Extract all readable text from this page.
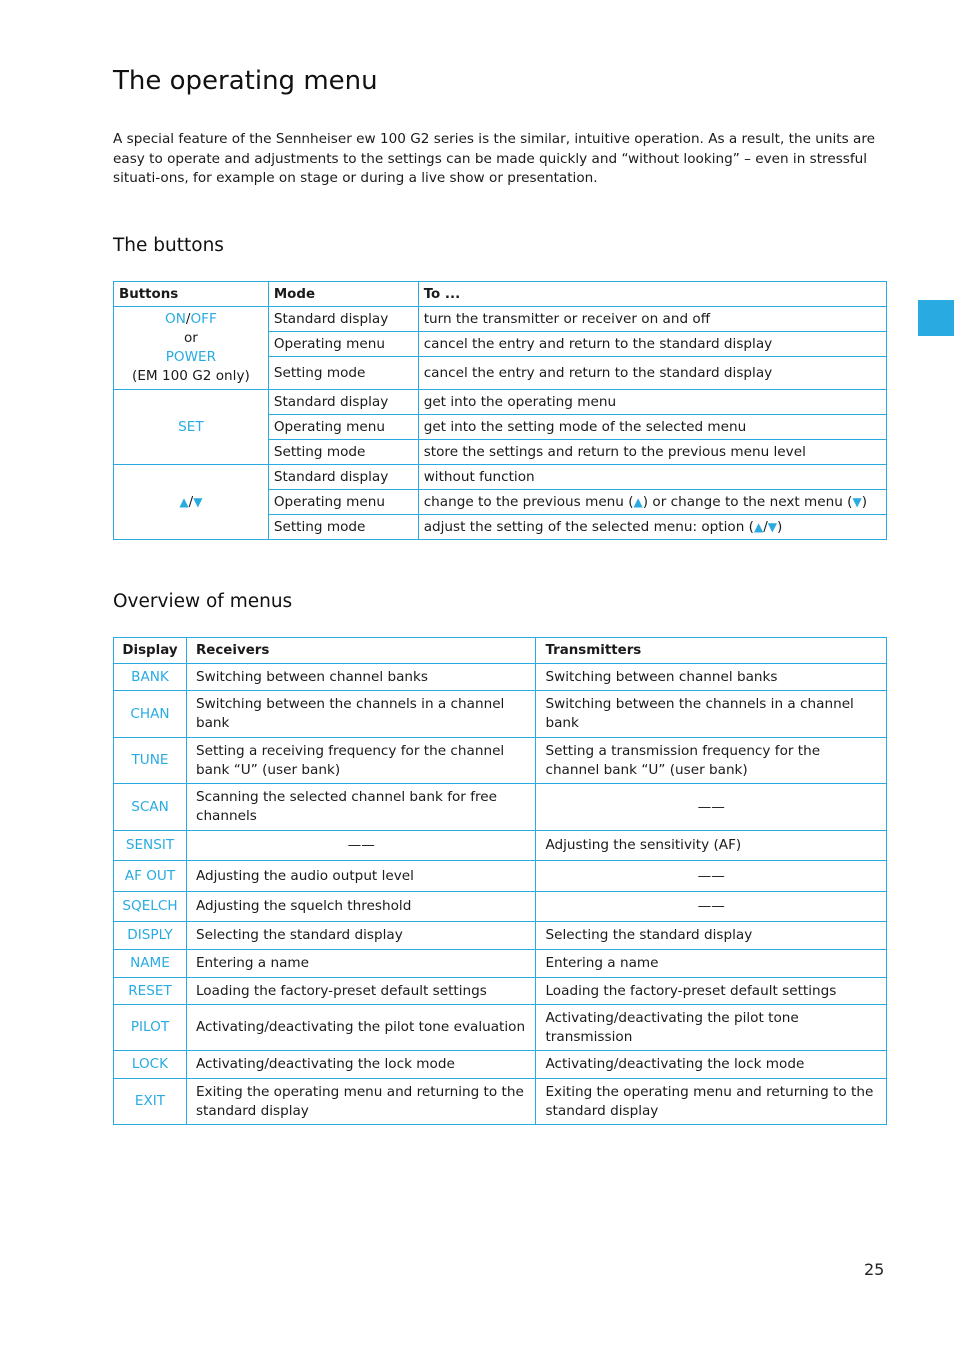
The operating menu

A special feature of the Sennheiser ew 100 G2 series is the similar, intuitive operation. As a result, the units are easy to operate and adjustments to the settings can be made quickly and “without looking” – even in stressful situati-ons, for example on stage or during a live show or presentation.

The buttons
Buttons	Mode	To ...
ON/OFF
or
POWER
(EM 100 G2 only)	Standard display	turn the transmitter or receiver on and off
	Operating menu	cancel the entry and return to the standard display
	Setting mode	cancel the entry and return to the standard display
SET	Standard display	get into the operating menu
	Operating menu	get into the setting mode of the selected menu
	Setting mode	store the settings and return to the previous menu level
▲/▼	Standard display	without function
	Operating menu	change to the previous menu (▲) or change to the next menu (▼)
	Setting mode	adjust the setting of the selected menu: option (▲/▼)
Overview of menus
Display	Receivers	Transmitters
BANK	Switching between channel banks	Switching between channel banks
CHAN	Switching between the channels in a channel bank	Switching between the channels in a channel bank
TUNE	Setting a receiving frequency for the channel bank “U” (user bank)	Setting a transmission frequency for the channel bank “U” (user bank)
SCAN	Scanning the selected channel bank for free channels	——
SENSIT	——	Adjusting the sensitivity (AF)
AF OUT	Adjusting the audio output level	——
SQELCH	Adjusting the squelch threshold	——
DISPLY	Selecting the standard display	Selecting the standard display
NAME	Entering a name	Entering a name
RESET	Loading the factory-preset default settings	Loading the factory-preset default settings
PILOT	Activating/deactivating the pilot tone evaluation	Activating/deactivating the pilot tone transmission
LOCK	Activating/deactivating the lock mode	Activating/deactivating the lock mode
EXIT	Exiting the operating menu and returning to the standard display	Exiting the operating menu and returning to the standard display
25
